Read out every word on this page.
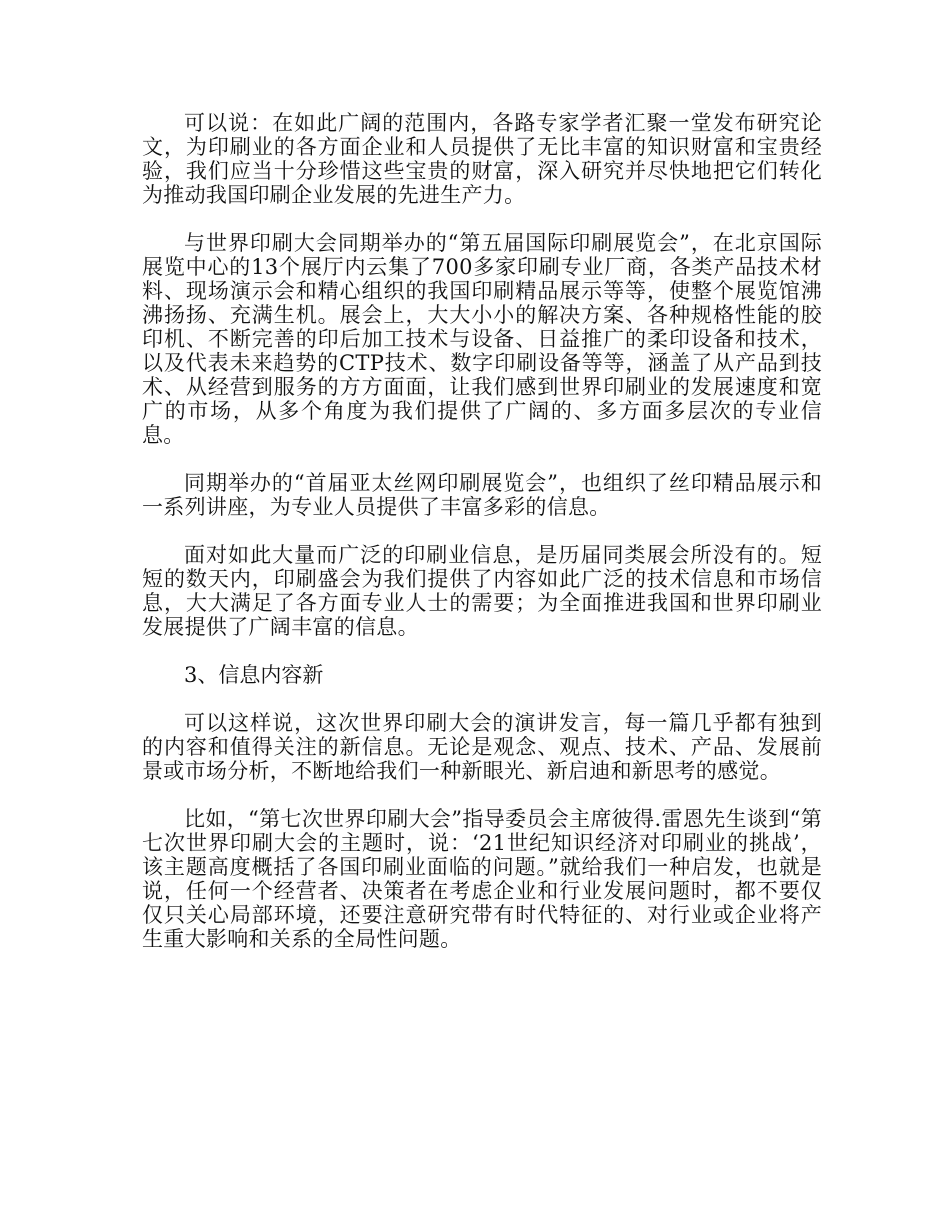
可以说：在如此广阔的范围内，各路专家学者汇聚一堂发布研究论文，为印刷业的各方面企业和人员提供了无比丰富的知识财富和宝贵经验，我们应当十分珍惜这些宝贵的财富，深入研究并尽快地把它们转化为推动我国印刷企业发展的先进生产力。

与世界印刷大会同期举办的“第五届国际印刷展览会”，在北京国际展览中心的13个展厅内云集了700多家印刷专业厂商，各类产品技术材料、现场演示会和精心组织的我国印刷精品展示等等，使整个展览馆沸沸扬扬、充满生机。展会上，大大小小的解决方案、各种规格性能的胶印机、不断完善的印后加工技术与设备、日益推广的柔印设备和技术，以及代表未来趋势的CTP技术、数字印刷设备等等，涵盖了从产品到技术、从经营到服务的方方面面，让我们感到世界印刷业的发展速度和宽广的市场，从多个角度为我们提供了广阔的、多方面多层次的专业信息。

同期举办的“首届亚太丝网印刷展览会”，也组织了丝印精品展示和一系列讲座，为专业人员提供了丰富多彩的信息。

面对如此大量而广泛的印刷业信息，是历届同类展会所没有的。短短的数天内，印刷盛会为我们提供了内容如此广泛的技术信息和市场信息，大大满足了各方面专业人士的需要；为全面推进我国和世界印刷业发展提供了广阔丰富的信息。

3、信息内容新

可以这样说，这次世界印刷大会的演讲发言，每一篇几乎都有独到的内容和值得关注的新信息。无论是观念、观点、技术、产品、发展前景或市场分析，不断地给我们一种新眼光、新启迪和新思考的感觉。

比如，“第七次世界印刷大会”指导委员会主席彼得.雷恩先生谈到“第七次世界印刷大会的主题时，说：‘21世纪知识经济对印刷业的挑战’，该主题高度概括了各国印刷业面临的问题。”就给我们一种启发，也就是说，任何一个经营者、决策者在考虑企业和行业发展问题时，都不要仅仅只关心局部环境，还要注意研究带有时代特征的、对行业或企业将产生重大影响和关系的全局性问题。
